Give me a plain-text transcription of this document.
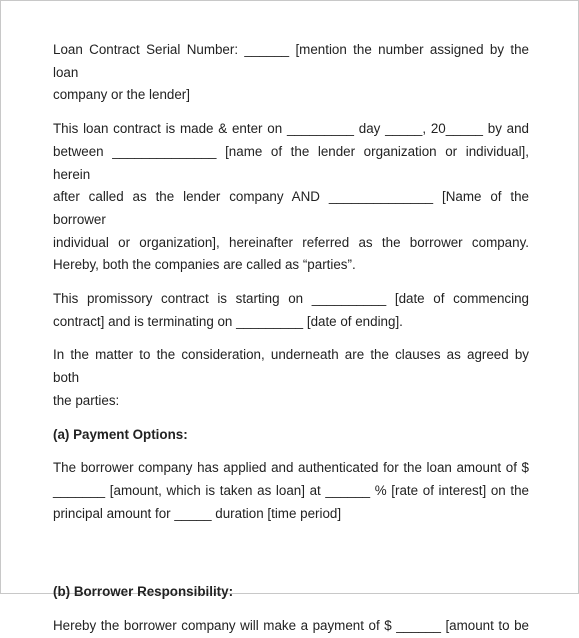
Loan Contract Serial Number: ______ [mention the number assigned by the loan

company or the lender]

This loan contract is made & enter on _________ day _____, 20_____ by and

between ______________ [name of the lender organization or individual], herein

after called as the lender company AND ______________ [Name of the borrower

individual or organization], hereinafter referred as the borrower company.

Hereby, both the companies are called as “parties”.

This promissory contract is starting on __________ [date of commencing

contract] and is terminating on _________ [date of ending].

In the matter to the consideration, underneath are the clauses as agreed by both

the parties:

(a) Payment Options:

The borrower company has applied and authenticated for the loan amount of $

_______ [amount, which is taken as loan] at ______ % [rate of interest] on the

principal amount for _____ duration [time period]

(b) Borrower Responsibility:

Hereby the borrower company will make a payment of $ ______ [amount to be
